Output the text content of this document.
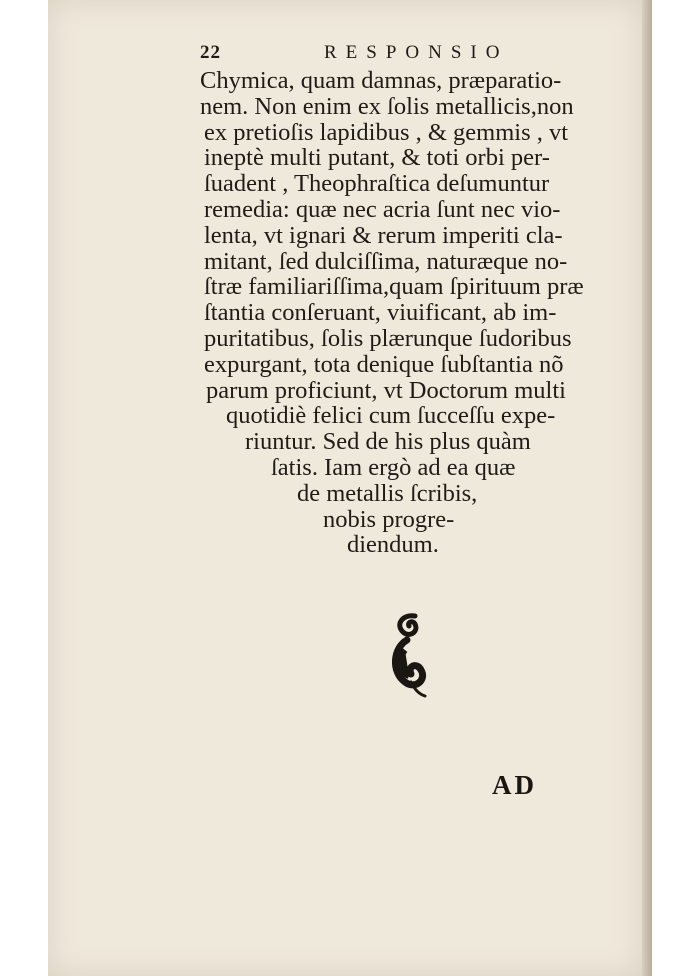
22	RESPONSIO
Chymica, quam damnas, præparatio-
nem. Non enim ex ſolis metallicis,non
ex pretioſis lapidibus , & gemmis , vt
ineptè multi putant, & toti orbi per-
ſuadent , Theophraſtica deſumuntur
remedia: quæ nec acria ſunt nec vio-
lenta, vt ignari & rerum imperiti cla-
mitant, ſed dulciſſima, naturæque no-
ſtræ familiariſſima,quam ſpirituum præ
ſtantia conſeruant, viuificant, ab im-
puritatibus, ſolis plærunque ſudoribus
expurgant, tota denique ſubſtantia nõ
parum proficiunt, vt Doctorum multi
quotidiè felici cum ſucceſſu expe-
riuntur. Sed de his plus quàm
ſatis. Iam ergò ad ea quæ
de metallis ſcribis,
nobis progre-
diendum.
AD
